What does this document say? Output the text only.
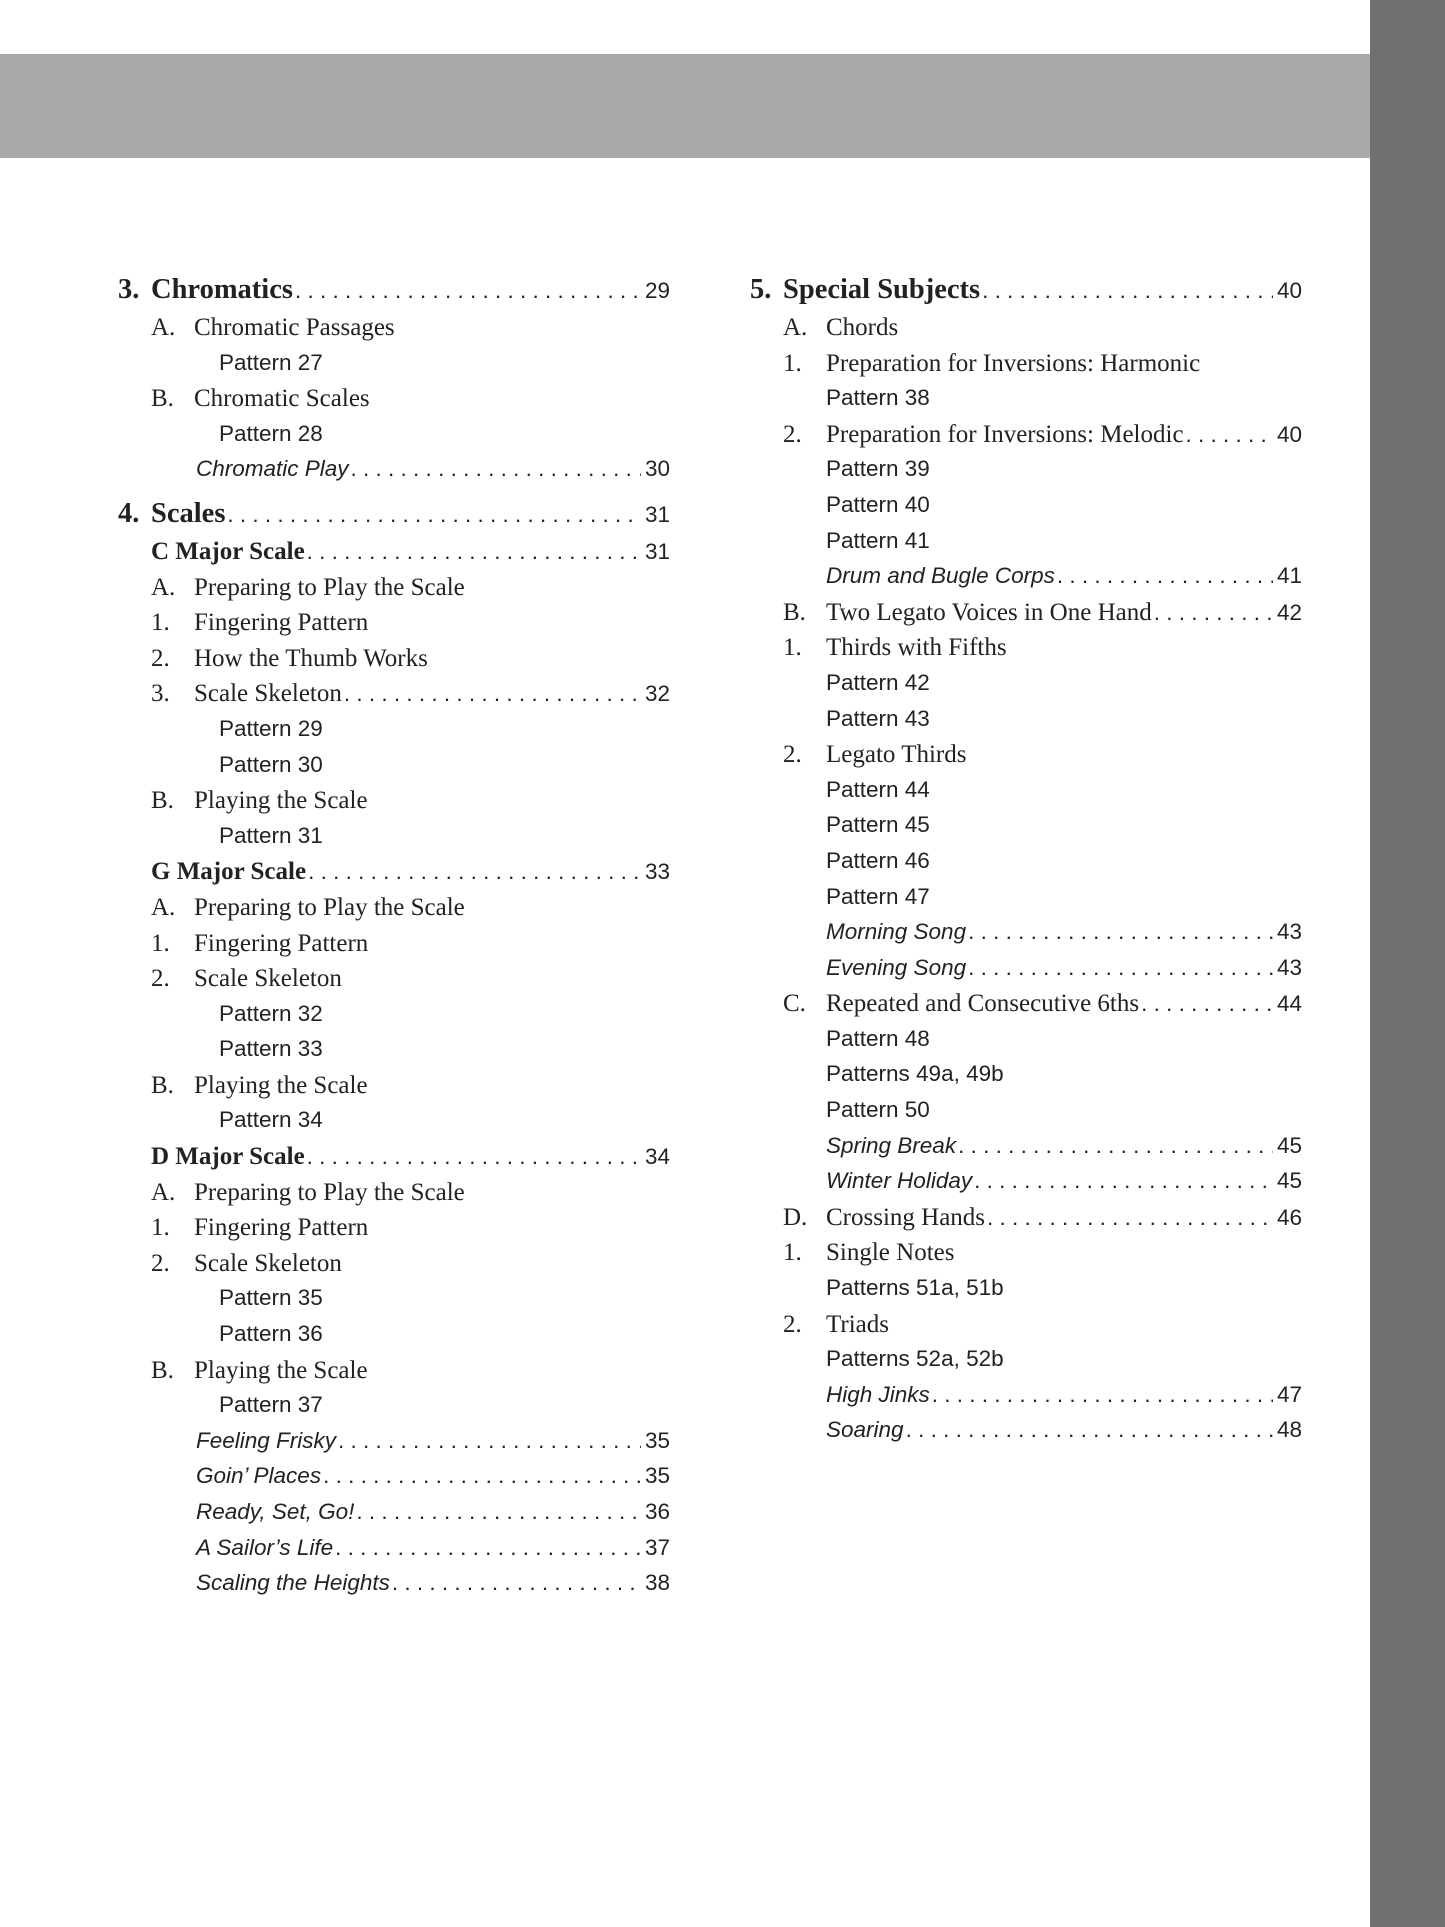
3. Chromatics . . .	29
A. Chromatic Passages
Pattern 27
B. Chromatic Scales
Pattern 28
Chromatic Play . . .	30
4. Scales . . .	31
C Major Scale . . .	31
A. Preparing to Play the Scale
1. Fingering Pattern
2. How the Thumb Works
3. Scale Skeleton . . .	32
Pattern 29
Pattern 30
B. Playing the Scale
Pattern 31
G Major Scale . . .	33
A. Preparing to Play the Scale
1. Fingering Pattern
2. Scale Skeleton
Pattern 32
Pattern 33
B. Playing the Scale
Pattern 34
D Major Scale . . .	34
A. Preparing to Play the Scale
1. Fingering Pattern
2. Scale Skeleton
Pattern 35
Pattern 36
B. Playing the Scale
Pattern 37
Feeling Frisky . . .	35
Goin’ Places . . .	35
Ready, Set, Go! . . .	36
A Sailor’s Life . . .	37
Scaling the Heights . . .	38
5. Special Subjects . . .	40
A. Chords
1. Preparation for Inversions: Harmonic
Pattern 38
2. Preparation for Inversions: Melodic . . .	40
Pattern 39
Pattern 40
Pattern 41
Drum and Bugle Corps . . .	41
B. Two Legato Voices in One Hand . . .	42
1. Thirds with Fifths
Pattern 42
Pattern 43
2. Legato Thirds
Pattern 44
Pattern 45
Pattern 46
Pattern 47
Morning Song . . .	43
Evening Song . . .	43
C. Repeated and Consecutive 6ths . . .	44
Pattern 48
Patterns 49a, 49b
Pattern 50
Spring Break . . .	45
Winter Holiday . . .	45
D. Crossing Hands . . .	46
1. Single Notes
Patterns 51a, 51b
2. Triads
Patterns 52a, 52b
High Jinks . . .	47
Soaring . . .	48
